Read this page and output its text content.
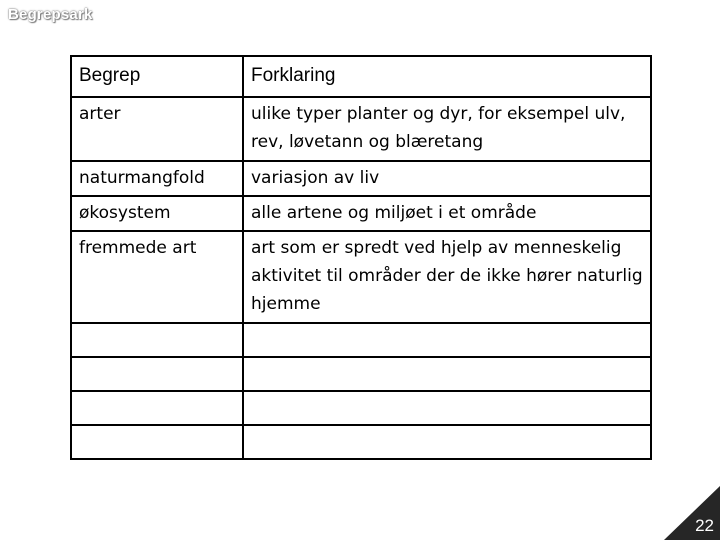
Begrepsark
Begrep	Forklaring
arter	ulike typer planter og dyr, for eksempel ulv, rev, løvetann og blæretang
naturmangfold	variasjon av liv
økosystem	alle artene og miljøet i et område
fremmede art	art som er spredt ved hjelp av menneskelig aktivitet til områder der de ikke hører naturlig hjemme

22
